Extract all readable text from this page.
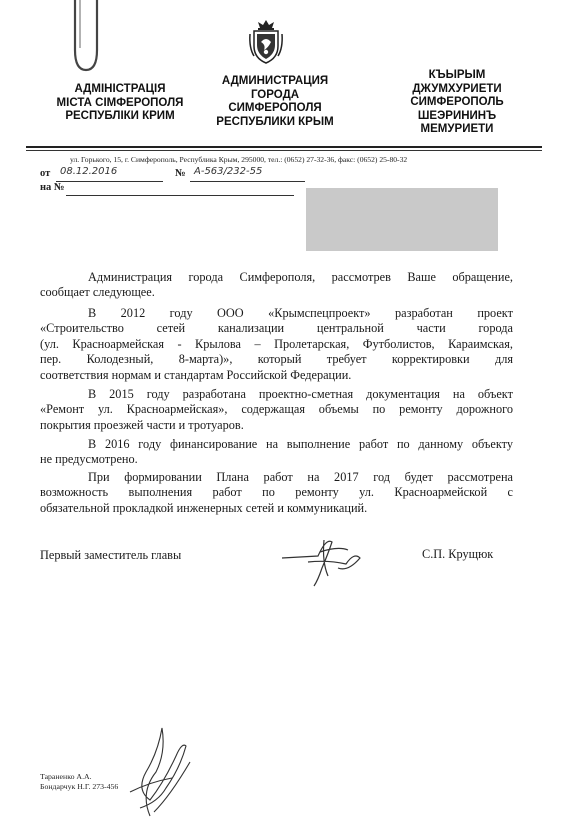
АДМІНІСТРАЦІЯ
МІСТА СІМФЕРОПОЛЯ
РЕСПУБЛІКИ КРИМ
АДМИНИСТРАЦИЯ
ГОРОДА
СИМФЕРОПОЛЯ
РЕСПУБЛИКИ КРЫМ
КЪЫРЫМ
ДЖУМХУРИЕТИ
СИМФЕРОПОЛЬ
ШЕЭРИНИНЪ
МЕМУРИЕТИ
ул. Горького, 15, г. Симферополь, Республика Крым, 295000, тел.: (0652) 27-32-36, факс: (0652) 25-80-32
от 08.12.2016	№ А-563/232-55
на №
Администрация города Симферополя, рассмотрев Ваше обращение,
сообщает следующее.
В 2012 году ООО «Крымспецпроект» разработан проект
«Строительство сетей канализации центральной части города
(ул. Красноармейская - Крылова – Пролетарская, Футболистов, Караимская,
пер. Колодезный, 8-марта)», который требует корректировки для
соответствия нормам и стандартам Российской Федерации.
В 2015 году разработана проектно-сметная документация на объект
«Ремонт ул. Красноармейская», содержащая объемы по ремонту дорожного
покрытия проезжей части и тротуаров.
В 2016 году финансирование на выполнение работ по данному объекту
не предусмотрено.
При формировании Плана работ на 2017 год будет рассмотрена
возможность выполнения работ по ремонту ул. Красноармейской с
обязательной прокладкой инженерных сетей и коммуникаций.
Первый заместитель главы	С.П. Крущюк
Тараненко А.А.
Бондарчук Н.Г. 273-456
